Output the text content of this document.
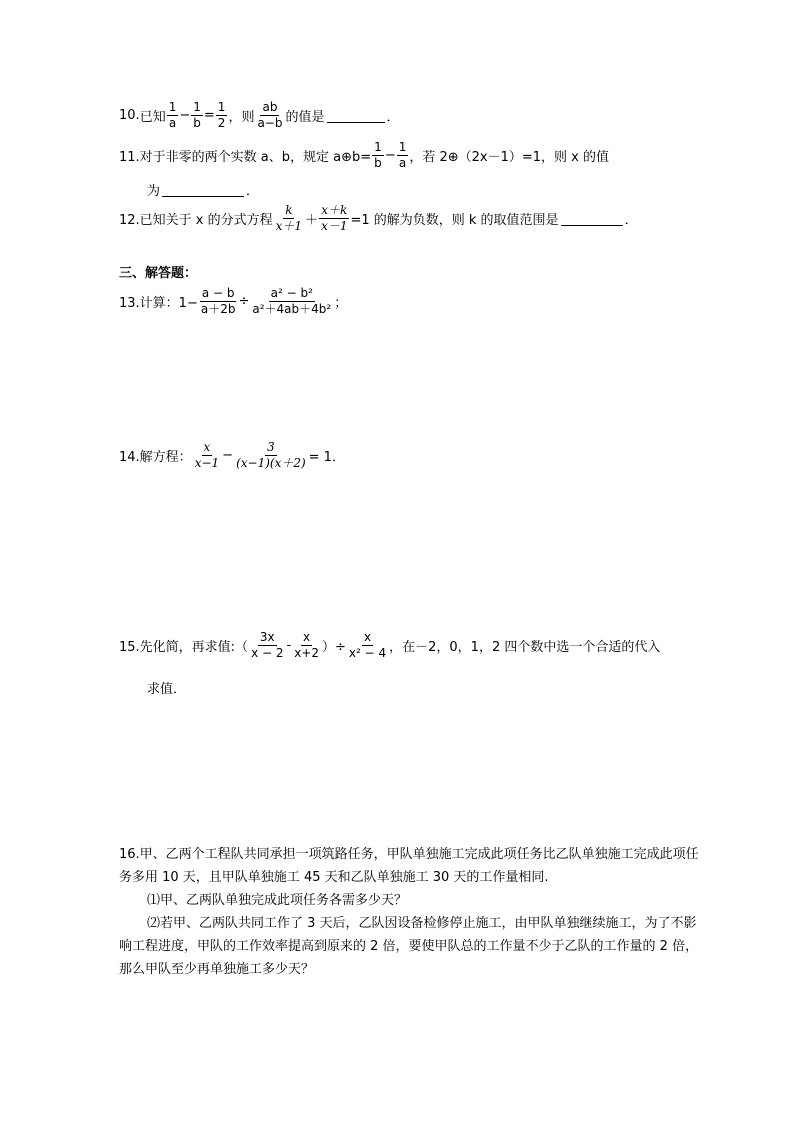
10. 已知 $\frac{1}{a} - \frac{1}{b} = \frac{1}{2}$ ，则 $\frac{ab}{a-b}$ 的值是	．
11.对于非零的两个实数 a、b，规定 a⊕b= $\frac{1}{b} - \frac{1}{a}$ ，若 2⊕（2x－1）=1，则 x 的值
为	．
12.已知关于 x 的分式方程 $\frac{k}{x+1} + \frac{x+k}{x-1} =1$ 的解为负数，则 k 的取值范围是	．
三、解答题：
13.计算：$1- \frac{a - b}{a+2b} \div \frac{\text{a² − b²}}{\text{a²＋4ab＋4b²}}$ ；
14.解方程： $\frac{x}{x-1} - \frac{3}{(x-1)(x+2)} = 1$．
15.先化简，再求值:（ $\frac{3x}{x - 2} - \frac{x}{x+2}$ ）÷ $\frac{x}{\text{x² − 4}}$ ，在－2，0，1，2 四个数中选一个合适的代入
求值．
16.甲、乙两个工程队共同承担一项筑路任务，甲队单独施工完成此项任务比乙队单独施工完成此项任务多用 10 天，且甲队单独施工 45 天和乙队单独施工 30 天的工作量相同.
⑴甲、乙两队单独完成此项任务各需多少天？
⑵若甲、乙两队共同工作了 3 天后，乙队因设备检修停止施工，由甲队单独继续施工，为了不影响工程进度，甲队的工作效率提高到原来的 2 倍，要使甲队总的工作量不少于乙队的工作量的 2 倍，那么甲队至少再单独施工多少天？
